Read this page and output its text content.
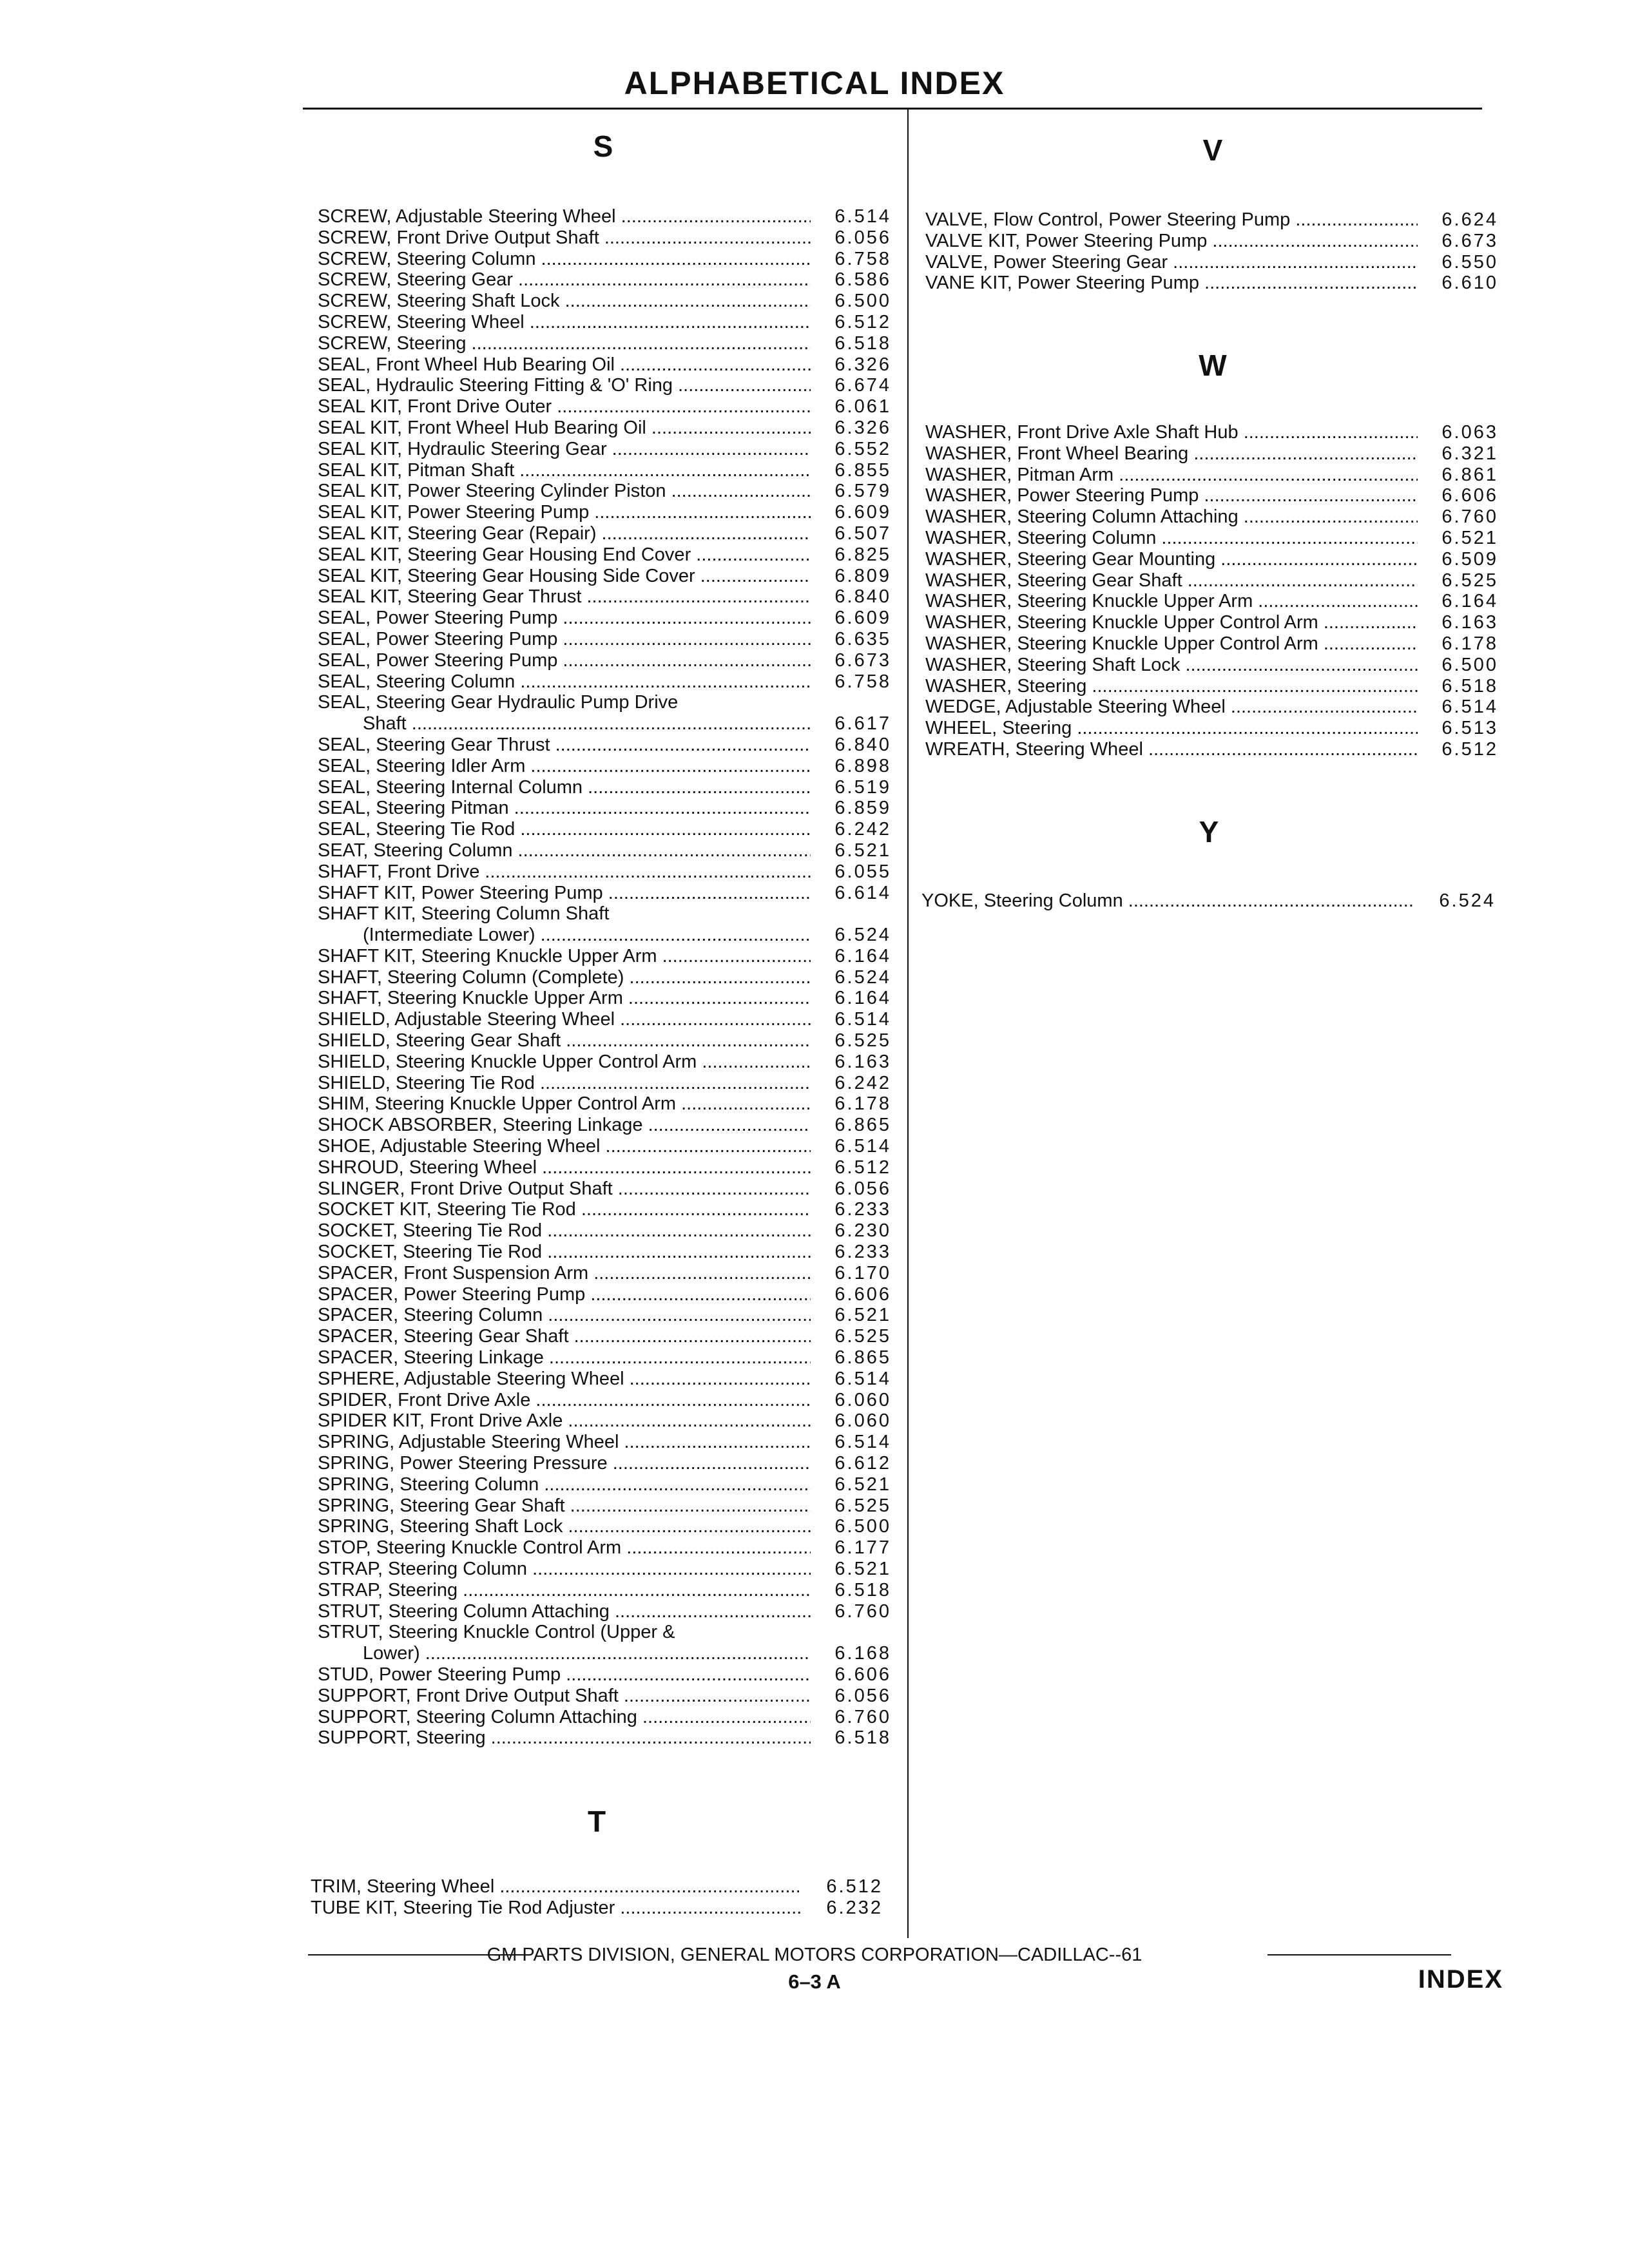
ALPHABETICAL INDEX
S
SCREW, Adjustable Steering Wheel .....	6.514
SCREW, Front Drive Output Shaft .....	6.056
SCREW, Steering Column .....	6.758
SCREW, Steering Gear .....	6.586
SCREW, Steering Shaft Lock .....	6.500
SCREW, Steering Wheel .....	6.512
SCREW, Steering .....	6.518
SEAL, Front Wheel Hub Bearing Oil .....	6.326
SEAL, Hydraulic Steering Fitting & 'O' Ring .....	6.674
SEAL KIT, Front Drive Outer .....	6.061
SEAL KIT, Front Wheel Hub Bearing Oil .....	6.326
SEAL KIT, Hydraulic Steering Gear .....	6.552
SEAL KIT, Pitman Shaft .....	6.855
SEAL KIT, Power Steering Cylinder Piston .....	6.579
SEAL KIT, Power Steering Pump .....	6.609
SEAL KIT, Steering Gear (Repair) .....	6.507
SEAL KIT, Steering Gear Housing End Cover .....	6.825
SEAL KIT, Steering Gear Housing Side Cover .....	6.809
SEAL KIT, Steering Gear Thrust .....	6.840
SEAL, Power Steering Pump .....	6.609
SEAL, Power Steering Pump .....	6.635
SEAL, Power Steering Pump .....	6.673
SEAL, Steering Column .....	6.758
SEAL, Steering Gear Hydraulic Pump Drive
Shaft .....	6.617
SEAL, Steering Gear Thrust .....	6.840
SEAL, Steering Idler Arm .....	6.898
SEAL, Steering Internal Column .....	6.519
SEAL, Steering Pitman .....	6.859
SEAL, Steering Tie Rod .....	6.242
SEAT, Steering Column .....	6.521
SHAFT, Front Drive .....	6.055
SHAFT KIT, Power Steering Pump .....	6.614
SHAFT KIT, Steering Column Shaft
(Intermediate Lower) .....	6.524
SHAFT KIT, Steering Knuckle Upper Arm .....	6.164
SHAFT, Steering Column (Complete) .....	6.524
SHAFT, Steering Knuckle Upper Arm .....	6.164
SHIELD, Adjustable Steering Wheel .....	6.514
SHIELD, Steering Gear Shaft .....	6.525
SHIELD, Steering Knuckle Upper Control Arm .....	6.163
SHIELD, Steering Tie Rod .....	6.242
SHIM, Steering Knuckle Upper Control Arm .....	6.178
SHOCK ABSORBER, Steering Linkage .....	6.865
SHOE, Adjustable Steering Wheel .....	6.514
SHROUD, Steering Wheel .....	6.512
SLINGER, Front Drive Output Shaft .....	6.056
SOCKET KIT, Steering Tie Rod .....	6.233
SOCKET, Steering Tie Rod .....	6.230
SOCKET, Steering Tie Rod .....	6.233
SPACER, Front Suspension Arm .....	6.170
SPACER, Power Steering Pump .....	6.606
SPACER, Steering Column .....	6.521
SPACER, Steering Gear Shaft .....	6.525
SPACER, Steering Linkage .....	6.865
SPHERE, Adjustable Steering Wheel .....	6.514
SPIDER, Front Drive Axle .....	6.060
SPIDER KIT, Front Drive Axle .....	6.060
SPRING, Adjustable Steering Wheel .....	6.514
SPRING, Power Steering Pressure .....	6.612
SPRING, Steering Column .....	6.521
SPRING, Steering Gear Shaft .....	6.525
SPRING, Steering Shaft Lock .....	6.500
STOP, Steering Knuckle Control Arm .....	6.177
STRAP, Steering Column .....	6.521
STRAP, Steering .....	6.518
STRUT, Steering Column Attaching .....	6.760
STRUT, Steering Knuckle Control (Upper &
Lower) .....	6.168
STUD, Power Steering Pump .....	6.606
SUPPORT, Front Drive Output Shaft .....	6.056
SUPPORT, Steering Column Attaching .....	6.760
SUPPORT, Steering .....	6.518
T
TRIM, Steering Wheel .....	6.512
TUBE KIT, Steering Tie Rod Adjuster .....	6.232
V
VALVE, Flow Control, Power Steering Pump .....	6.624
VALVE KIT, Power Steering Pump .....	6.673
VALVE, Power Steering Gear .....	6.550
VANE KIT, Power Steering Pump .....	6.610
W
WASHER, Front Drive Axle Shaft Hub .....	6.063
WASHER, Front Wheel Bearing .....	6.321
WASHER, Pitman Arm .....	6.861
WASHER, Power Steering Pump .....	6.606
WASHER, Steering Column Attaching .....	6.760
WASHER, Steering Column .....	6.521
WASHER, Steering Gear Mounting .....	6.509
WASHER, Steering Gear Shaft .....	6.525
WASHER, Steering Knuckle Upper Arm .....	6.164
WASHER, Steering Knuckle Upper Control Arm .....	6.163
WASHER, Steering Knuckle Upper Control Arm .....	6.178
WASHER, Steering Shaft Lock .....	6.500
WASHER, Steering .....	6.518
WEDGE, Adjustable Steering Wheel .....	6.514
WHEEL, Steering .....	6.513
WREATH, Steering Wheel .....	6.512
Y
YOKE, Steering Column .....	6.524
GM PARTS DIVISION, GENERAL MOTORS CORPORATION—CADILLAC--61
6–3 A	INDEX
